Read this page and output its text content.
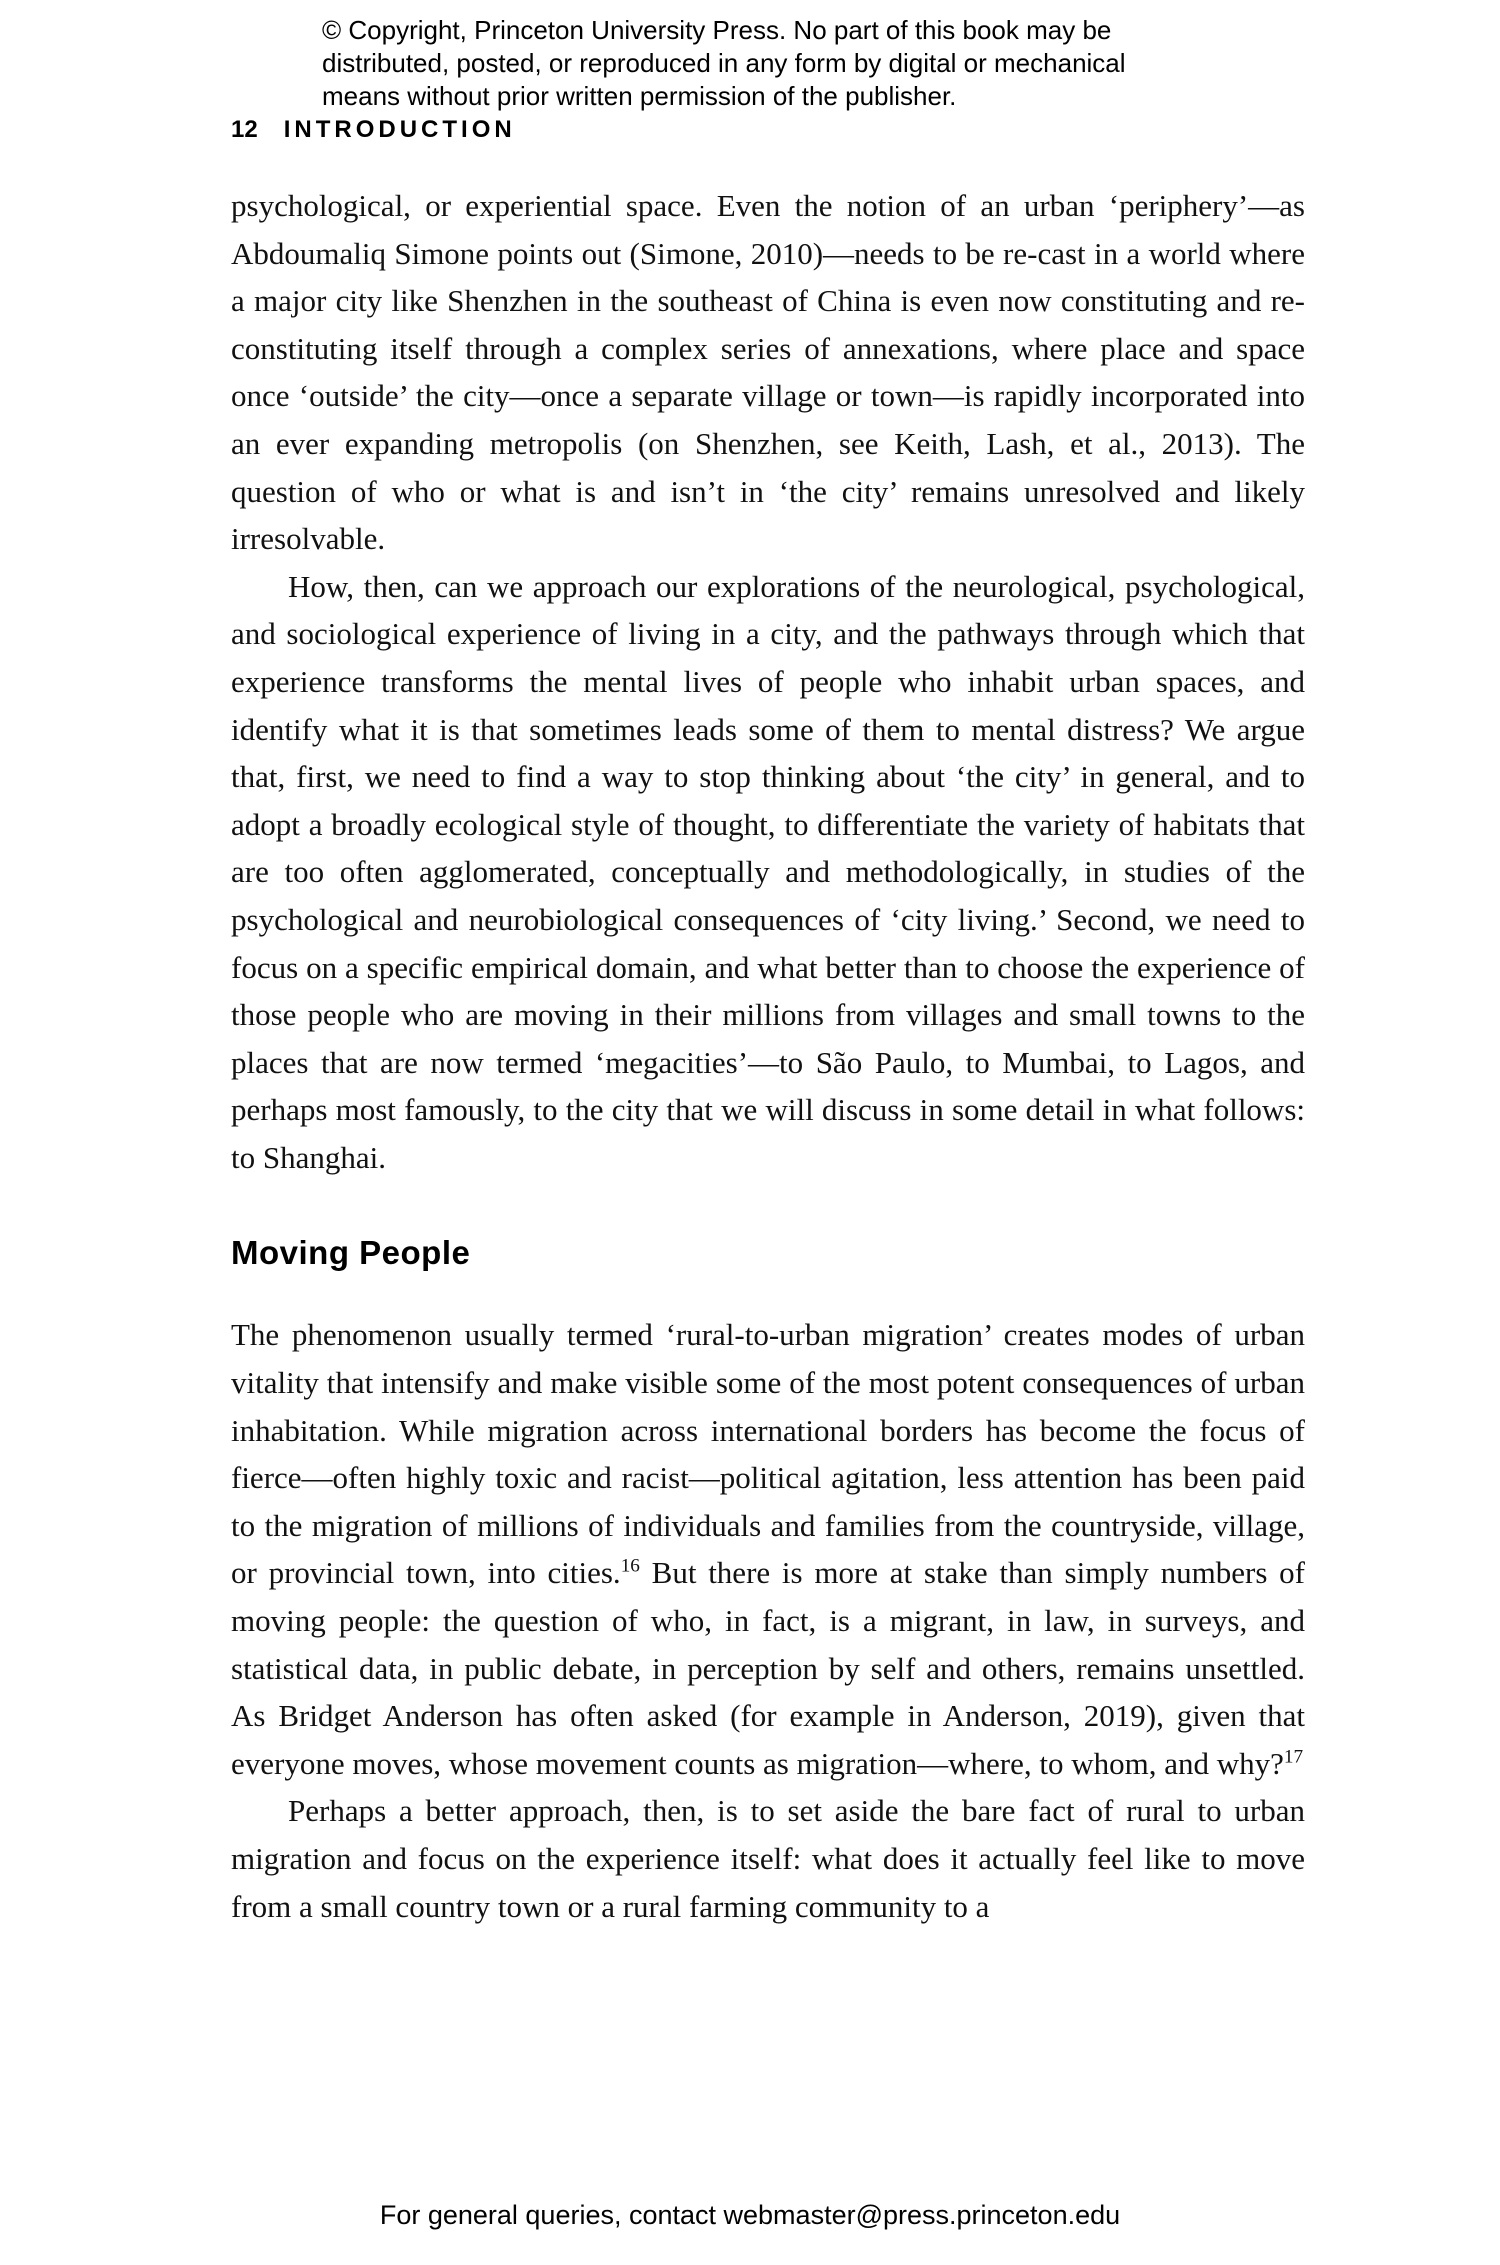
© Copyright, Princeton University Press. No part of this book may be
distributed, posted, or reproduced in any form by digital or mechanical
means without prior written permission of the publisher.
12 INTRODUCTION

psychological, or experiential space. Even the notion of an urban ‘periphery’—as Abdoumaliq Simone points out (Simone, 2010)—needs to be re-cast in a world where a major city like Shenzhen in the southeast of China is even now constituting and re-constituting itself through a complex series of annexations, where place and space once ‘outside’ the city—once a separate village or town—is rapidly incorporated into an ever expanding metropolis (on Shenzhen, see Keith, Lash, et al., 2013). The question of who or what is and isn’t in ‘the city’ remains unresolved and likely irresolvable.

How, then, can we approach our explorations of the neurological, psychological, and sociological experience of living in a city, and the pathways through which that experience transforms the mental lives of people who inhabit urban spaces, and identify what it is that sometimes leads some of them to mental distress? We argue that, first, we need to find a way to stop thinking about ‘the city’ in general, and to adopt a broadly ecological style of thought, to differentiate the variety of habitats that are too often agglomerated, conceptually and methodologically, in studies of the psychological and neurobiological consequences of ‘city living.’ Second, we need to focus on a specific empirical domain, and what better than to choose the experience of those people who are moving in their millions from villages and small towns to the places that are now termed ‘megacities’—to São Paulo, to Mumbai, to Lagos, and perhaps most famously, to the city that we will discuss in some detail in what follows: to Shanghai.

Moving People

The phenomenon usually termed ‘rural-to-urban migration’ creates modes of urban vitality that intensify and make visible some of the most potent consequences of urban inhabitation. While migration across international borders has become the focus of fierce—often highly toxic and racist—political agitation, less attention has been paid to the migration of millions of individuals and families from the countryside, village, or provincial town, into cities.$^{16}$ But there is more at stake than simply numbers of moving people: the question of who, in fact, is a migrant, in law, in surveys, and statistical data, in public debate, in perception by self and others, remains unsettled. As Bridget Anderson has often asked (for example in Anderson, 2019), given that everyone moves, whose movement counts as migration—where, to whom, and why?$^{17}$

Perhaps a better approach, then, is to set aside the bare fact of rural to urban migration and focus on the experience itself: what does it actually feel like to move from a small country town or a rural farming community to a

For general queries, contact webmaster@press.princeton.edu
